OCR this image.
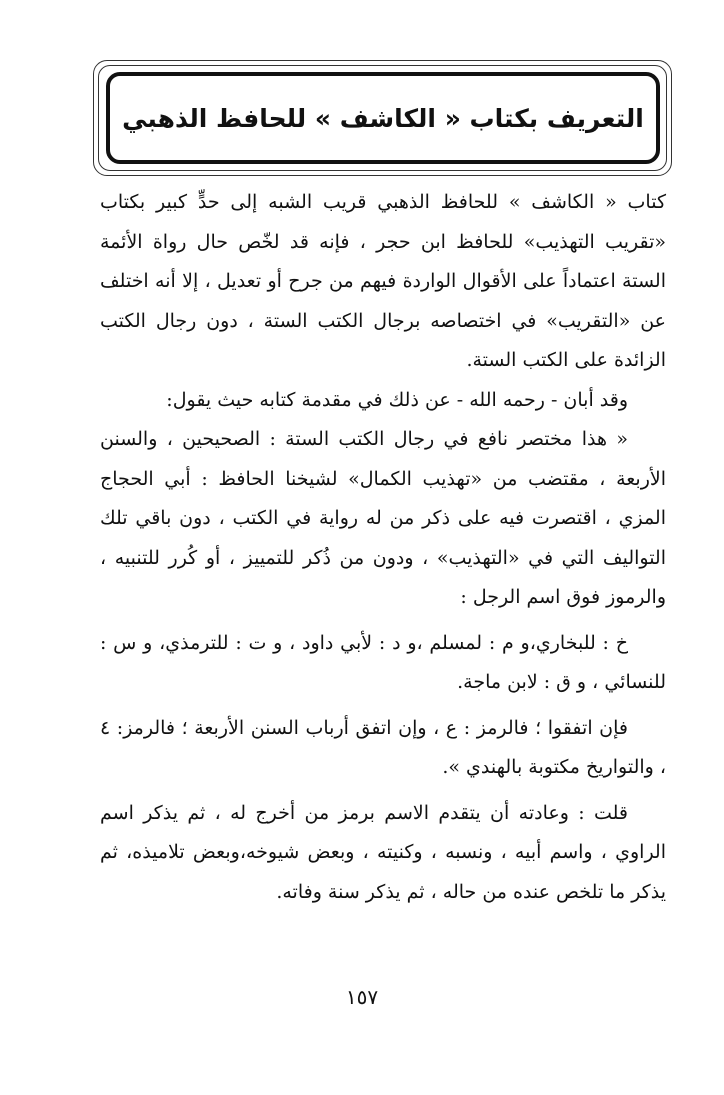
التعريف بكتاب « الكاشف » للحافظ الذهبي

كتاب « الكاشف » للحافظ الذهبي قريب الشبه إلى حدٍّ كبير بكتاب «تقريب التهذيب» للحافظ ابن حجر ، فإنه قد لخّص حال رواة الأئمة الستة اعتماداً على الأقوال الواردة فيهم من جرح أو تعديل ، إلا أنه اختلف عن «التقريب» في اختصاصه برجال الكتب الستة ، دون رجال الكتب الزائدة على الكتب الستة.

وقد أبان - رحمه الله - عن ذلك في مقدمة كتابه حيث يقول:

« هذا مختصر نافع في رجال الكتب الستة : الصحيحين ، والسنن الأربعة ، مقتضب من «تهذيب الكمال» لشيخنا الحافظ : أبي الحجاج المزي ، اقتصرت فيه على ذكر من له رواية في الكتب ، دون باقي تلك التواليف التي في «التهذيب» ، ودون من ذُكر للتمييز ، أو كُرر للتنبيه ، والرموز فوق اسم الرجل :

خ : للبخاري،و م : لمسلم ،و د : لأبي داود ، و ت : للترمذي، و س : للنسائي ، و ق : لابن ماجة.

فإن اتفقوا ؛ فالرمز : ع ، وإن اتفق أرباب السنن الأربعة ؛ فالرمز: ٤ ، والتواريخ مكتوبة بالهندي ».

قلت : وعادته أن يتقدم الاسم برمز من أخرج له ، ثم يذكر اسم الراوي ، واسم أبيه ، ونسبه ، وكنيته ، وبعض شيوخه،وبعض تلاميذه، ثم يذكر ما تلخص عنده من حاله ، ثم يذكر سنة وفاته.

١٥٧
